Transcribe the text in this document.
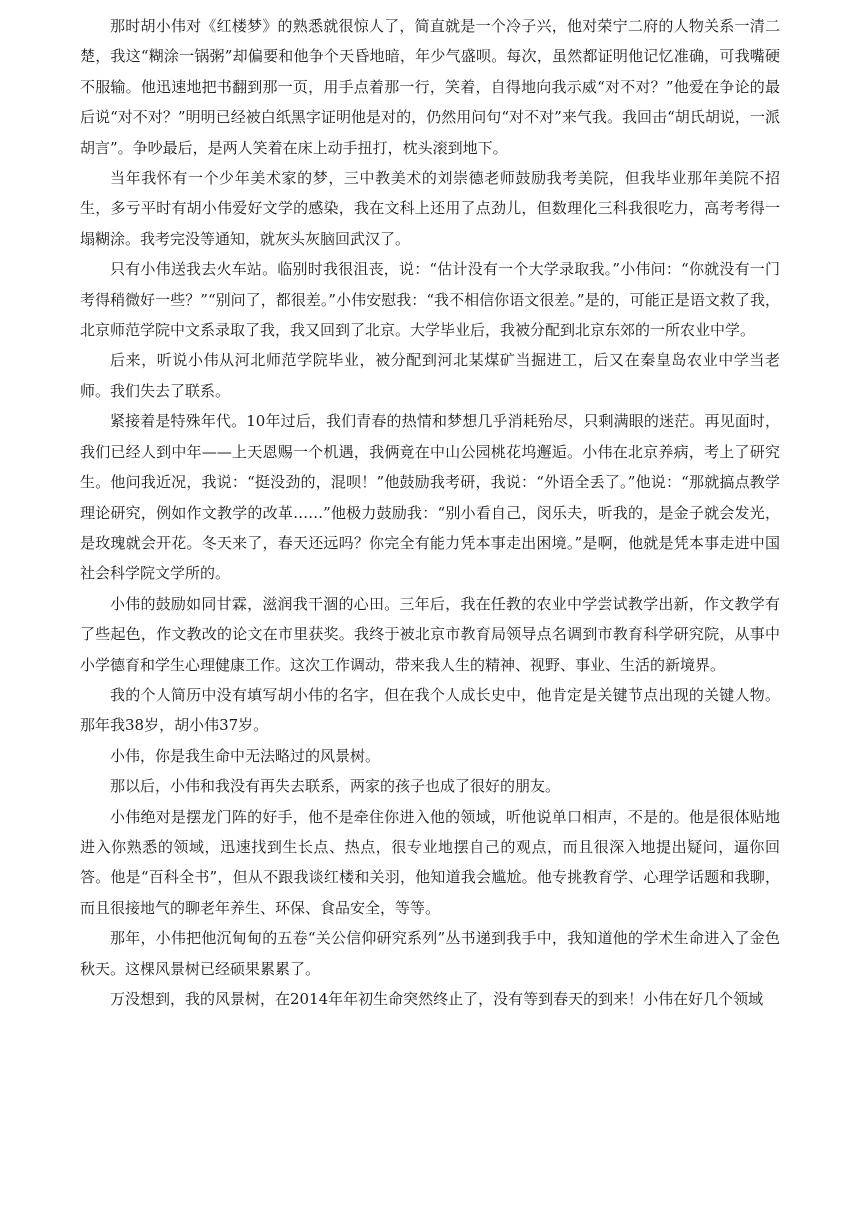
那时胡小伟对《红楼梦》的熟悉就很惊人了，简直就是一个冷子兴，他对荣宁二府的人物关系一清二楚，我这“糊涂一锅粥”却偏要和他争个天昏地暗，年少气盛呗。每次，虽然都证明他记忆准确，可我嘴硬不服输。他迅速地把书翻到那一页，用手点着那一行，笑着，自得地向我示威“对不对？”他爱在争论的最后说“对不对？”明明已经被白纸黑字证明他是对的，仍然用问句“对不对”来气我。我回击“胡氏胡说，一派胡言”。争吵最后，是两人笑着在床上动手扭打，枕头滚到地下。

当年我怀有一个少年美术家的梦，三中教美术的刘崇德老师鼓励我考美院，但我毕业那年美院不招生，多亏平时有胡小伟爱好文学的感染，我在文科上还用了点劲儿，但数理化三科我很吃力，高考考得一塌糊涂。我考完没等通知，就灰头灰脑回武汉了。

只有小伟送我去火车站。临别时我很沮丧，说：“估计没有一个大学录取我。”小伟问：“你就没有一门考得稍微好一些？”“别问了，都很差。”小伟安慰我：“我不相信你语文很差。”是的，可能正是语文救了我，北京师范学院中文系录取了我，我又回到了北京。大学毕业后，我被分配到北京东郊的一所农业中学。

后来，听说小伟从河北师范学院毕业，被分配到河北某煤矿当掘进工，后又在秦皇岛农业中学当老师。我们失去了联系。

紧接着是特殊年代。10年过后，我们青春的热情和梦想几乎消耗殆尽，只剩满眼的迷茫。再见面时，我们已经人到中年——上天恩赐一个机遇，我俩竟在中山公园桃花坞邂逅。小伟在北京养病，考上了研究生。他问我近况，我说：“挺没劲的，混呗！”他鼓励我考研，我说：“外语全丢了。”他说：“那就搞点教学理论研究，例如作文教学的改革……”他极力鼓励我：“别小看自己，闵乐夫，听我的，是金子就会发光，是玫瑰就会开花。冬天来了，春天还远吗？你完全有能力凭本事走出困境。”是啊，他就是凭本事走进中国社会科学院文学所的。

小伟的鼓励如同甘霖，滋润我干涸的心田。三年后，我在任教的农业中学尝试教学出新，作文教学有了些起色，作文教改的论文在市里获奖。我终于被北京市教育局领导点名调到市教育科学研究院，从事中小学德育和学生心理健康工作。这次工作调动，带来我人生的精神、视野、事业、生活的新境界。

我的个人简历中没有填写胡小伟的名字，但在我个人成长史中，他肯定是关键节点出现的关键人物。那年我38岁，胡小伟37岁。

小伟，你是我生命中无法略过的风景树。

那以后，小伟和我没有再失去联系，两家的孩子也成了很好的朋友。

小伟绝对是摆龙门阵的好手，他不是牵住你进入他的领域，听他说单口相声，不是的。他是很体贴地进入你熟悉的领域，迅速找到生长点、热点，很专业地摆自己的观点，而且很深入地提出疑问，逼你回答。他是“百科全书”，但从不跟我谈红楼和关羽，他知道我会尴尬。他专挑教育学、心理学话题和我聊，而且很接地气的聊老年养生、环保、食品安全，等等。

那年，小伟把他沉甸甸的五卷“关公信仰研究系列”丛书递到我手中，我知道他的学术生命进入了金色秋天。这棵风景树已经硕果累累了。

万没想到，我的风景树，在2014年年初生命突然终止了，没有等到春天的到来！小伟在好几个领域
